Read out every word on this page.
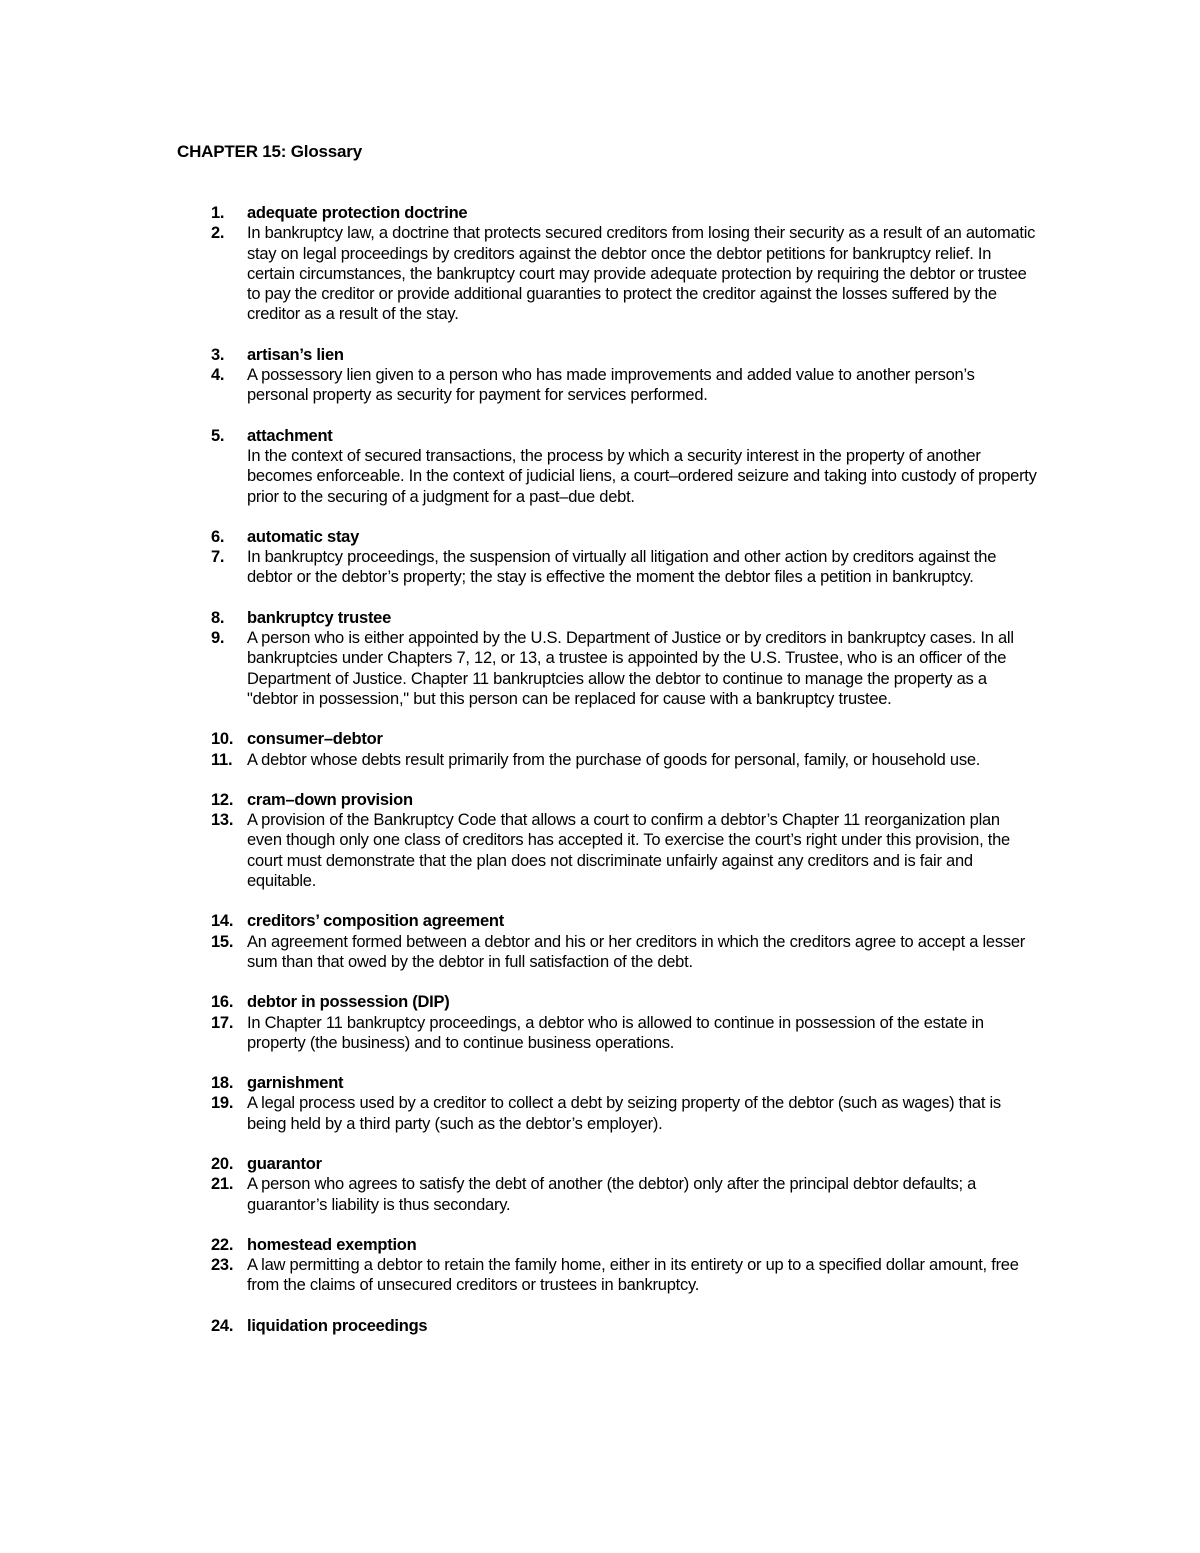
CHAPTER 15: Glossary
1. adequate protection doctrine
2. In bankruptcy law, a doctrine that protects secured creditors from losing their security as a result of an automatic stay on legal proceedings by creditors against the debtor once the debtor petitions for bankruptcy relief. In certain circumstances, the bankruptcy court may provide adequate protection by requiring the debtor or trustee to pay the creditor or provide additional guaranties to protect the creditor against the losses suffered by the creditor as a result of the stay.
3. artisan’s lien
4. A possessory lien given to a person who has made improvements and added value to another person’s personal property as security for payment for services performed.
5. attachment
In the context of secured transactions, the process by which a security interest in the property of another becomes enforceable. In the context of judicial liens, a court–ordered seizure and taking into custody of property prior to the securing of a judgment for a past–due debt.
6. automatic stay
7. In bankruptcy proceedings, the suspension of virtually all litigation and other action by creditors against the debtor or the debtor’s property; the stay is effective the moment the debtor files a petition in bankruptcy.
8. bankruptcy trustee
9. A person who is either appointed by the U.S. Department of Justice or by creditors in bankruptcy cases. In all bankruptcies under Chapters 7, 12, or 13, a trustee is appointed by the U.S. Trustee, who is an officer of the Department of Justice. Chapter 11 bankruptcies allow the debtor to continue to manage the property as a "debtor in possession," but this person can be replaced for cause with a bankruptcy trustee.
10. consumer–debtor
11. A debtor whose debts result primarily from the purchase of goods for personal, family, or household use.
12. cram–down provision
13. A provision of the Bankruptcy Code that allows a court to confirm a debtor’s Chapter 11 reorganization plan even though only one class of creditors has accepted it. To exercise the court’s right under this provision, the court must demonstrate that the plan does not discriminate unfairly against any creditors and is fair and equitable.
14. creditors’ composition agreement
15. An agreement formed between a debtor and his or her creditors in which the creditors agree to accept a lesser sum than that owed by the debtor in full satisfaction of the debt.
16. debtor in possession (DIP)
17. In Chapter 11 bankruptcy proceedings, a debtor who is allowed to continue in possession of the estate in property (the business) and to continue business operations.
18. garnishment
19. A legal process used by a creditor to collect a debt by seizing property of the debtor (such as wages) that is being held by a third party (such as the debtor’s employer).
20. guarantor
21. A person who agrees to satisfy the debt of another (the debtor) only after the principal debtor defaults; a guarantor’s liability is thus secondary.
22. homestead exemption
23. A law permitting a debtor to retain the family home, either in its entirety or up to a specified dollar amount, free from the claims of unsecured creditors or trustees in bankruptcy.
24. liquidation proceedings
